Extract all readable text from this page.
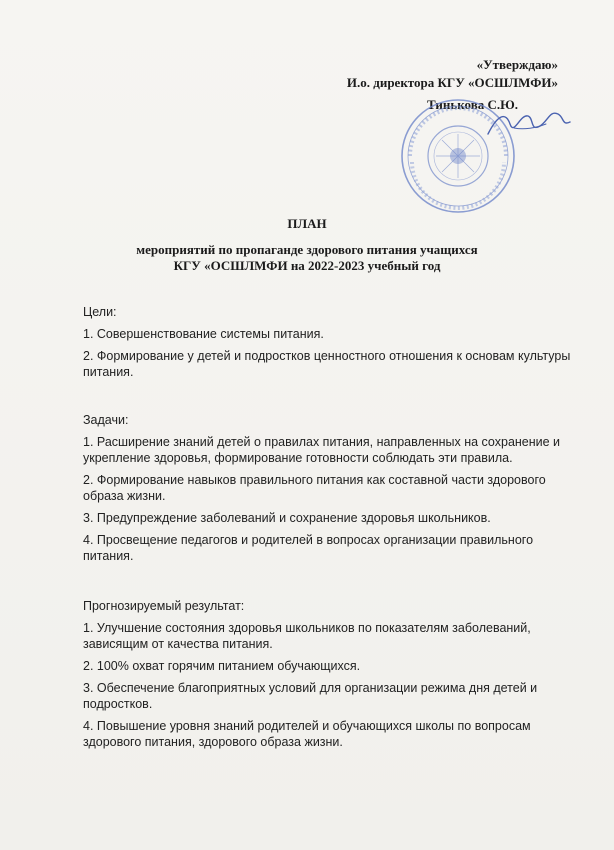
«Утверждаю»
И.о. директора КГУ «ОСШЛМФИ»
Тинькова С.Ю.
ПЛАН
мероприятий по пропаганде здорового питания учащихся
КГУ «ОСШЛМФИ на 2022-2023 учебный год
Цели:
1. Совершенствование системы питания.
2. Формирование у детей и подростков ценностного отношения к основам культуры питания.
Задачи:
1. Расширение знаний детей о правилах питания, направленных на сохранение и укрепление здоровья, формирование готовности соблюдать эти правила.
2. Формирование навыков правильного питания как составной части здорового образа жизни.
3. Предупреждение заболеваний и сохранение здоровья школьников.
4. Просвещение педагогов и родителей в вопросах организации правильного питания.
Прогнозируемый результат:
1. Улучшение состояния здоровья школьников по показателям заболеваний, зависящим от качества питания.
2. 100% охват горячим питанием обучающихся.
3. Обеспечение благоприятных условий для организации режима дня детей и подростков.
4. Повышение уровня знаний родителей и обучающихся школы по вопросам здорового питания, здорового образа жизни.
